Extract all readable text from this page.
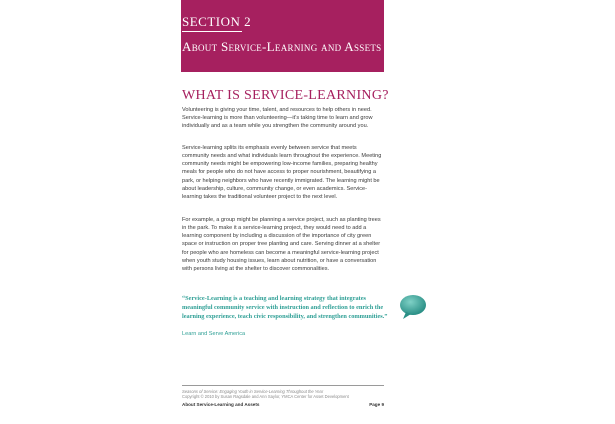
SECTION 2
About Service-Learning and Assets
WHAT IS SERVICE-LEARNING?

Volunteering is giving your time, talent, and resources to help others in need. Service-learning is more than volunteering—it’s taking time to learn and grow individually and as a team while you strengthen the community around you.

Service-learning splits its emphasis evenly between service that meets community needs and what individuals learn throughout the experience. Meeting community needs might be empowering low-income families, preparing healthy meals for people who do not have access to proper nourishment, beautifying a park, or helping neighbors who have recently immigrated. The learning might be about leadership, culture, community change, or even academics. Service-learning takes the traditional volunteer project to the next level.

For example, a group might be planning a service project, such as planting trees in the park. To make it a service-learning project, they would need to add a learning component by including a discussion of the importance of city green space or instruction on proper tree planting and care. Serving dinner at a shelter for people who are homeless can become a meaningful service-learning project when youth study housing issues, learn about nutrition, or have a conversation with persons living at the shelter to discover commonalities.

“Service-Learning is a teaching and learning strategy that integrates meaningful community service with instruction and reflection to enrich the learning experience, teach civic responsibility, and strengthen communities.”

Learn and Serve America
Seasons of Service: Engaging Youth in Service-Learning Throughout the Year
Copyright © 2010 by Susan Ragsdale and Ann Saylor, YMCA Center for Asset Development
About Service-Learning and Assets	Page 9
